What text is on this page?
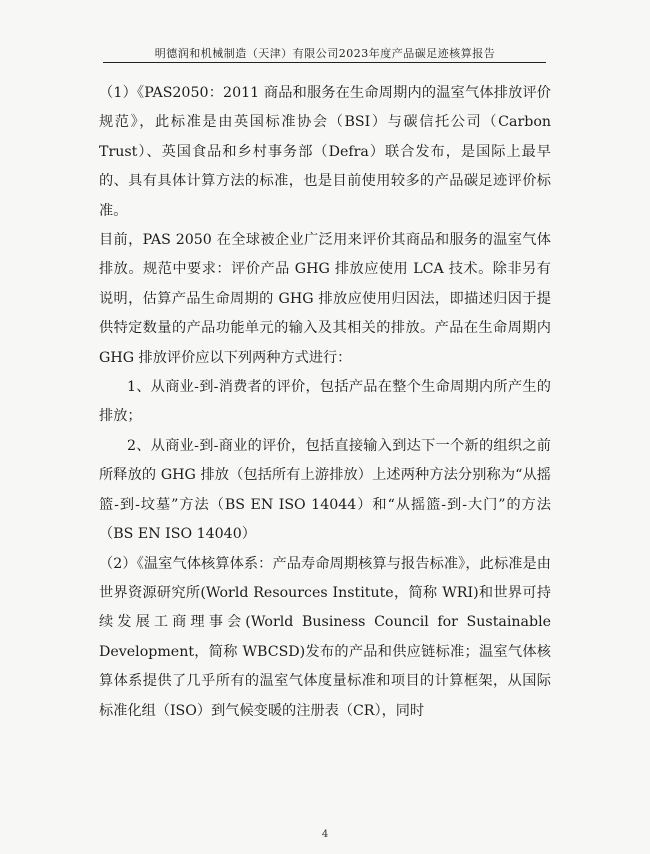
明德润和机械制造（天津）有限公司2023年度产品碳足迹核算报告

（1）《PAS2050：2011 商品和服务在生命周期内的温室气体排放评价规范》，此标准是由英国标准协会（BSI）与碳信托公司（Carbon Trust）、英国食品和乡村事务部（Defra）联合发布，是国际上最早的、具有具体计算方法的标准，也是目前使用较多的产品碳足迹评价标准。

目前，PAS 2050 在全球被企业广泛用来评价其商品和服务的温室气体排放。规范中要求：评价产品 GHG 排放应使用 LCA 技术。除非另有说明，估算产品生命周期的 GHG 排放应使用归因法，即描述归因于提供特定数量的产品功能单元的输入及其相关的排放。产品在生命周期内 GHG 排放评价应以下列两种方式进行：

1、从商业-到-消费者的评价，包括产品在整个生命周期内所产生的排放；

2、从商业-到-商业的评价，包括直接输入到达下一个新的组织之前所释放的 GHG 排放（包括所有上游排放）上述两种方法分别称为“从摇篮-到-坟墓”方法（BS EN ISO 14044）和“从摇篮-到-大门”的方法（BS EN ISO 14040）

（2）《温室气体核算体系：产品寿命周期核算与报告标准》，此标准是由世界资源研究所(World Resources Institute，简称 WRI)和世界可持续发展工商理事会(World Business Council for Sustainable Development，简称 WBCSD)发布的产品和供应链标准；温室气体核算体系提供了几乎所有的温室气体度量标准和项目的计算框架，从国际标准化组（ISO）到气候变暖的注册表（CR），同时

4
